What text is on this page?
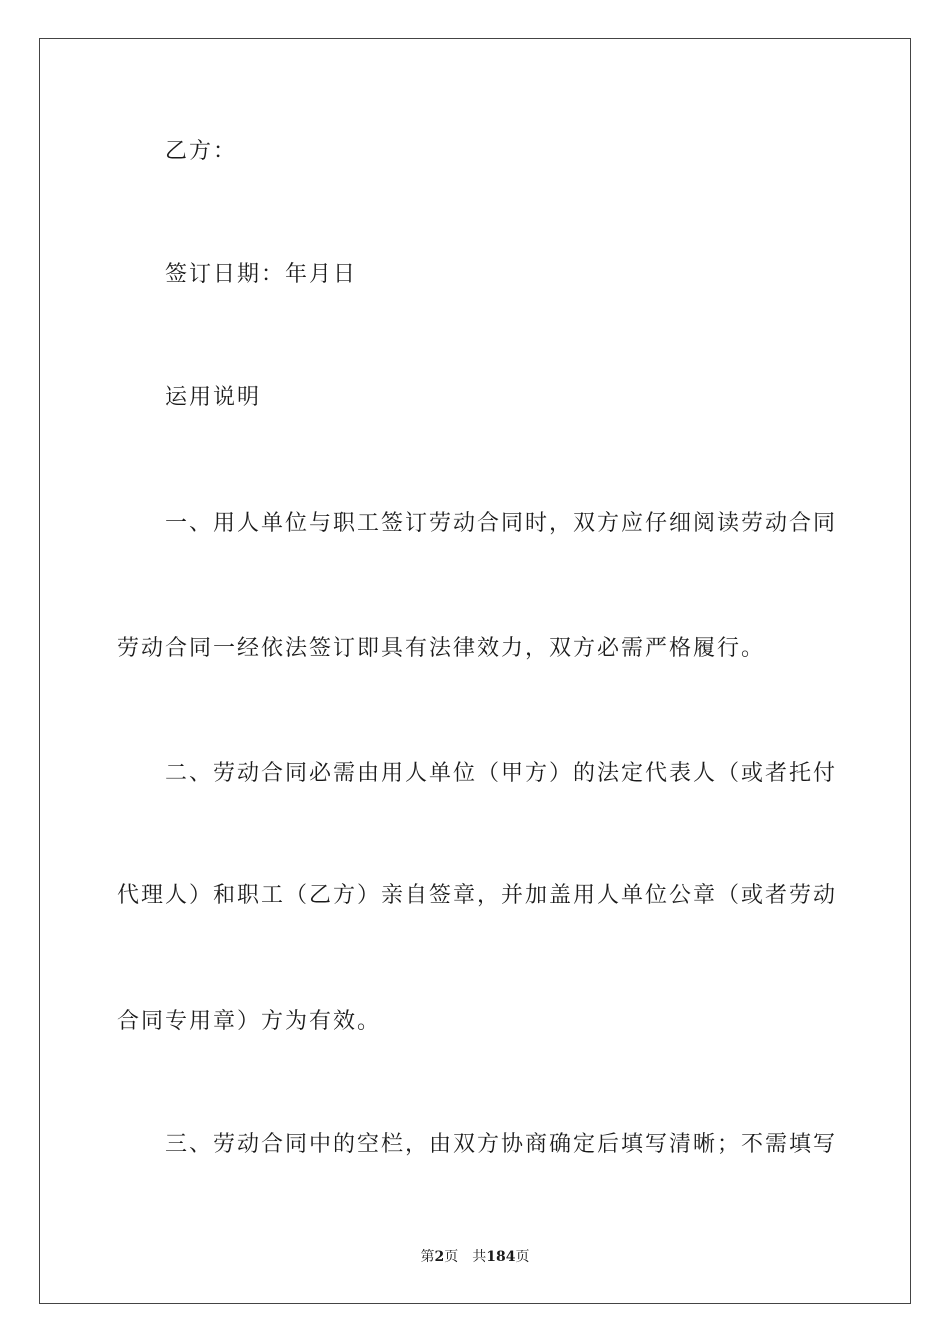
乙方：
签订日期：年月日
运用说明
一、用人单位与职工签订劳动合同时，双方应仔细阅读劳动合同
劳动合同一经依法签订即具有法律效力，双方必需严格履行。
二、劳动合同必需由用人单位（甲方）的法定代表人（或者托付
代理人）和职工（乙方）亲自签章，并加盖用人单位公章（或者劳动
合同专用章）方为有效。
三、劳动合同中的空栏，由双方协商确定后填写清晰；不需填写
第2页 共184页
